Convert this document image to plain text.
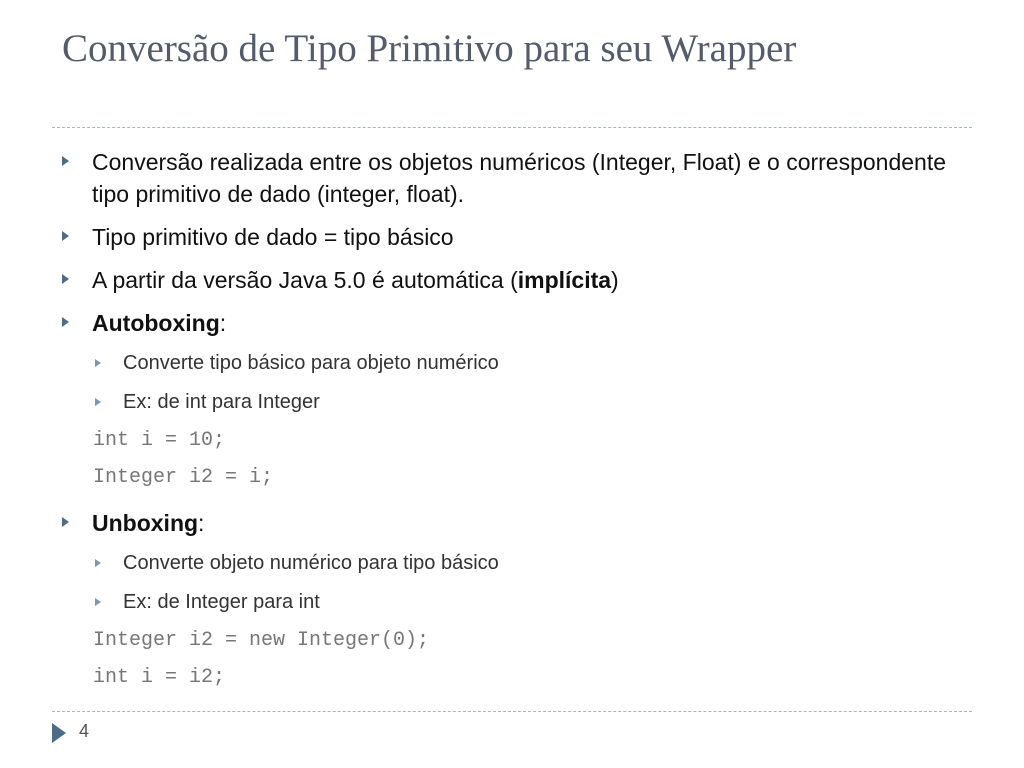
Conversão de Tipo Primitivo para seu Wrapper
Conversão realizada entre os objetos numéricos (Integer, Float) e o correspondente tipo primitivo de dado (integer, float).
Tipo primitivo de dado = tipo básico
A partir da versão Java 5.0 é automática (implícita)
Autoboxing:
Converte tipo básico para objeto numérico
Ex: de int para Integer
int i = 10;
Integer i2 = i;
Unboxing:
Converte objeto numérico para tipo básico
Ex: de Integer para int
Integer i2 = new Integer(0);
int i = i2;
4
